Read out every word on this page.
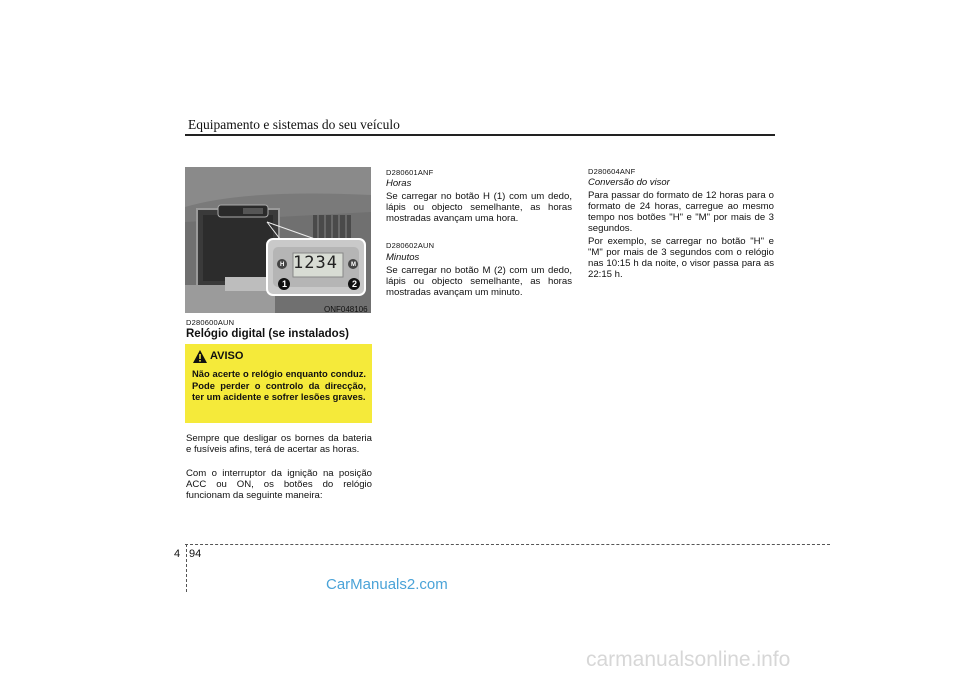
Equipamento e sistemas do seu veículo
1234
H	M
1	2
ONF048106
D280600AUN
Relógio digital (se instalados)
AVISO

Não acerte o relógio enquanto conduz. Pode perder o controlo da direcção, ter um acidente e sofrer lesões graves.

Sempre que desligar os bornes da bateria e fusíveis afins, terá de acertar as horas.

Com o interruptor da ignição na posição ACC ou ON, os botões do relógio funcionam da seguinte maneira:

D280601ANF
Horas

Se carregar no botão H (1) com um dedo, lápis ou objecto semelhante, as horas mostradas avançam uma hora.

D280602AUN
Minutos

Se carregar no botão M (2) com um dedo, lápis ou objecto semelhante, as horas mostradas avançam um minuto.

D280604ANF
Conversão do visor

Para passar do formato de 12 horas para o formato de 24 horas, carregue ao mesmo tempo nos botões "H" e "M" por mais de 3 segundos.

Por exemplo, se carregar no botão "H" e "M" por mais de 3 segundos com o relógio nas 10:15 h da noite, o visor passa para as 22:15 h.

4 94
CarManuals2.com
carmanualsonline.info
